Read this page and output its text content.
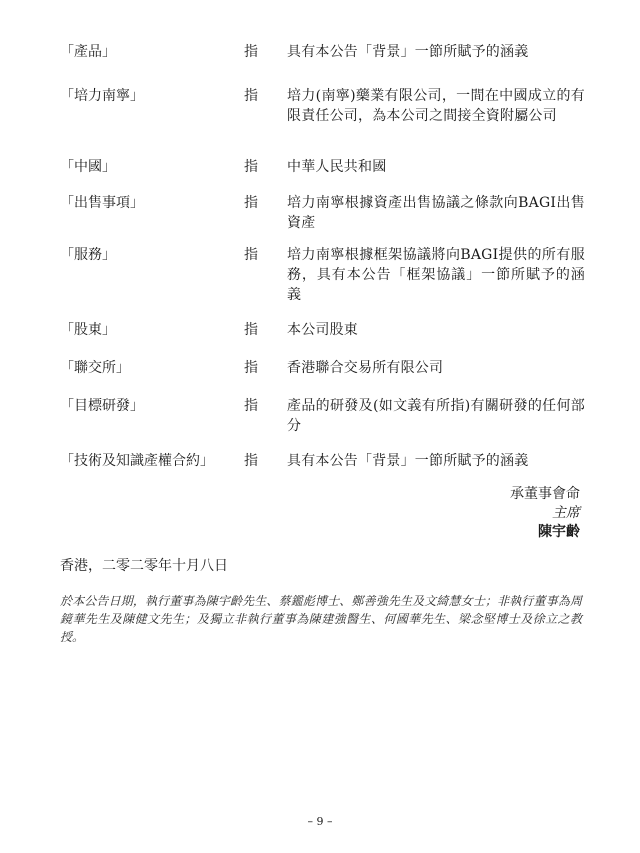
「產品」	指 具有本公告「背景」一節所賦予的涵義
「培力南寧」	指 培力(南寧)藥業有限公司，一間在中國成立的有限責任公司，為本公司之間接全資附屬公司
「中國」	指 中華人民共和國
「出售事項」	指 培力南寧根據資產出售協議之條款向BAGI出售資產
「服務」	指 培力南寧根據框架協議將向BAGI提供的所有服務，具有本公告「框架協議」一節所賦予的涵義
「股東」	指 本公司股東
「聯交所」	指 香港聯合交易所有限公司
「目標研發」	指 產品的研發及(如文義有所指)有關研發的任何部分
「技術及知識產權合約」 指 具有本公告「背景」一節所賦予的涵義
承董事會命
主席
陳宇齡
香港，二零二零年十月八日
於本公告日期，執行董事為陳宇齡先生、蔡鑑彪博士、鄭善強先生及文綺慧女士；非執行董事為周鏡華先生及陳健文先生；及獨立非執行董事為陳建強醫生、何國華先生、梁念堅博士及徐立之教授。
– 9 –
